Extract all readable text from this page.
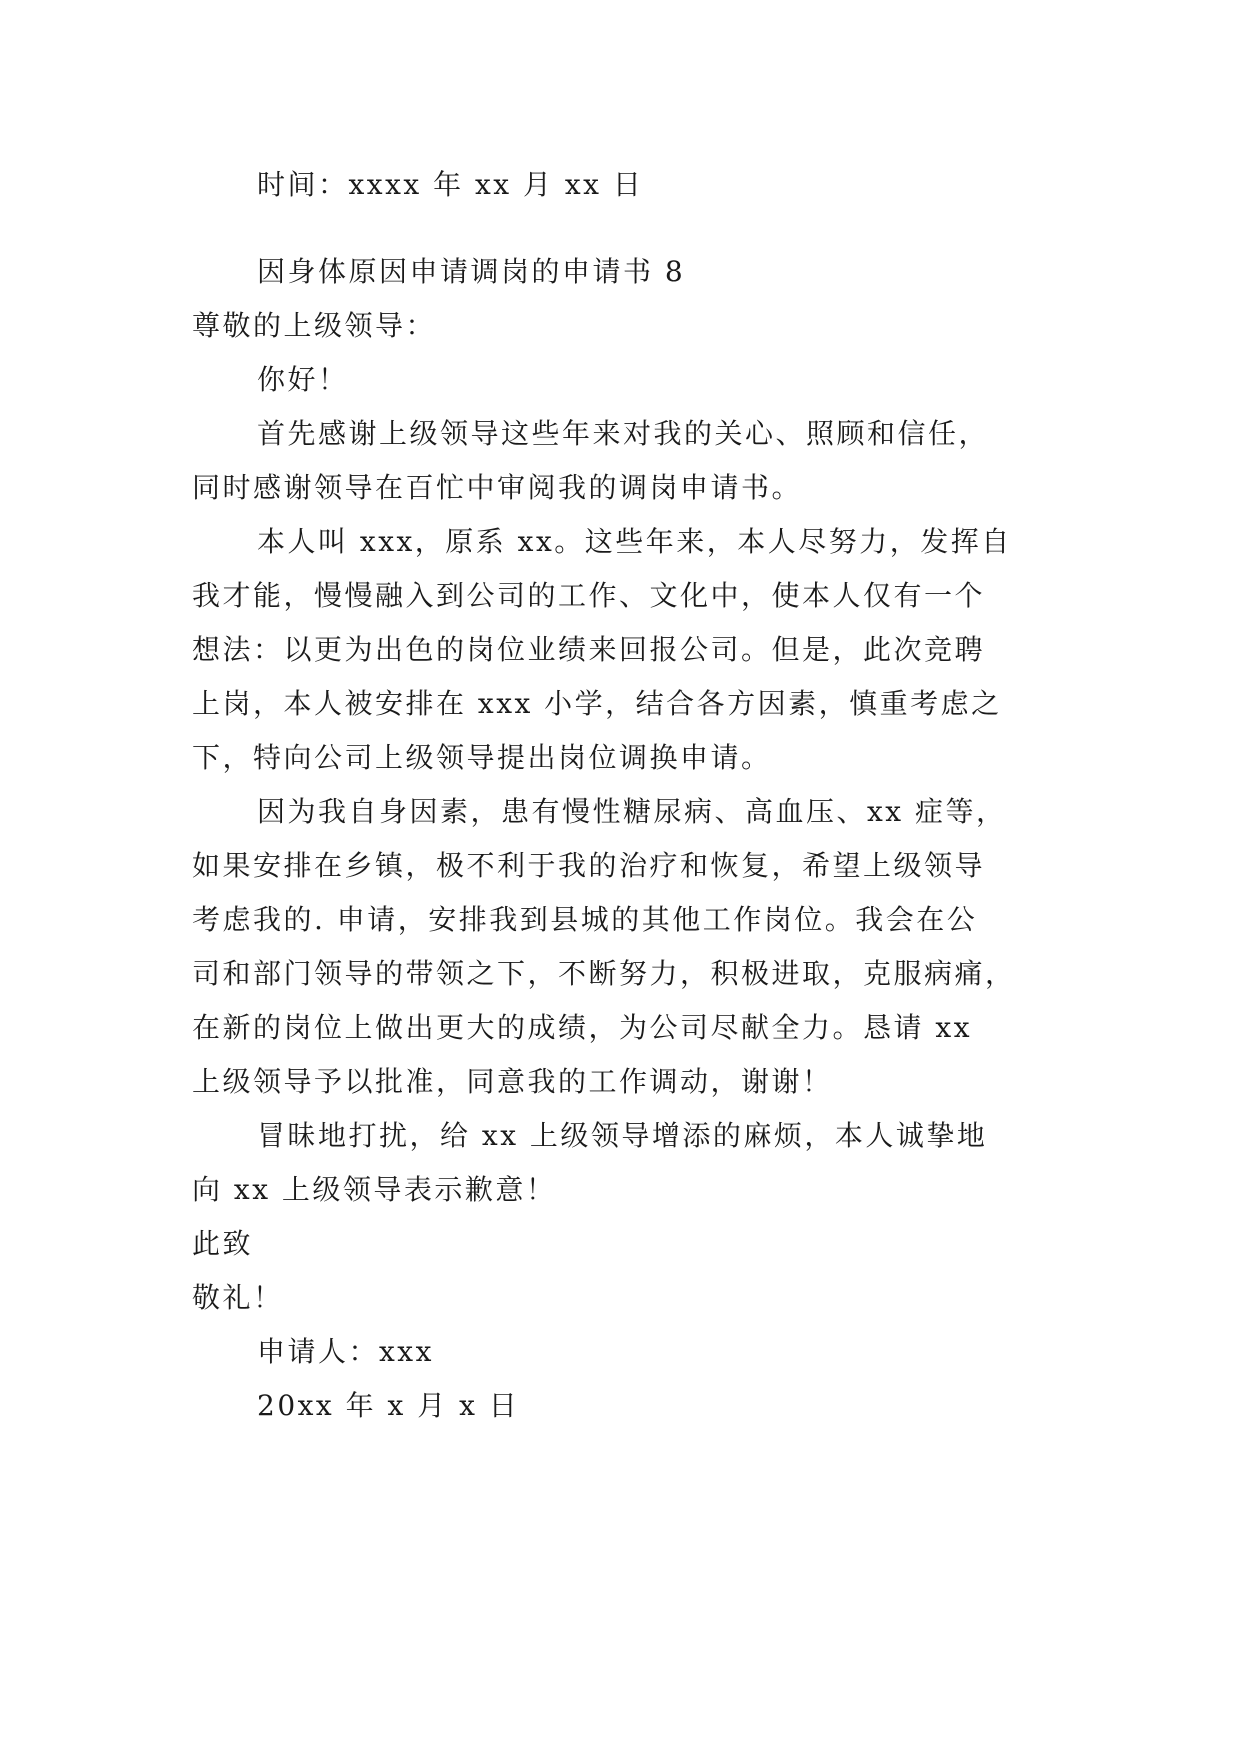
时间：xxxx 年 xx 月 xx 日

因身体原因申请调岗的申请书 8

尊敬的上级领导：

你好！

首先感谢上级领导这些年来对我的关心、照顾和信任，

同时感谢领导在百忙中审阅我的调岗申请书。

本人叫 xxx，原系 xx。这些年来，本人尽努力，发挥自

我才能，慢慢融入到公司的工作、文化中，使本人仅有一个

想法：以更为出色的岗位业绩来回报公司。但是，此次竞聘

上岗，本人被安排在 xxx 小学，结合各方因素，慎重考虑之

下，特向公司上级领导提出岗位调换申请。

因为我自身因素，患有慢性糖尿病、高血压、xx 症等，

如果安排在乡镇，极不利于我的治疗和恢复，希望上级领导

考虑我的. 申请，安排我到县城的其他工作岗位。我会在公

司和部门领导的带领之下，不断努力，积极进取，克服病痛，

在新的岗位上做出更大的成绩，为公司尽献全力。恳请 xx

上级领导予以批准，同意我的工作调动，谢谢！

冒昧地打扰，给 xx 上级领导增添的麻烦，本人诚挚地

向 xx 上级领导表示歉意！

此致

敬礼！

申请人：xxx

20xx 年 x 月 x 日
